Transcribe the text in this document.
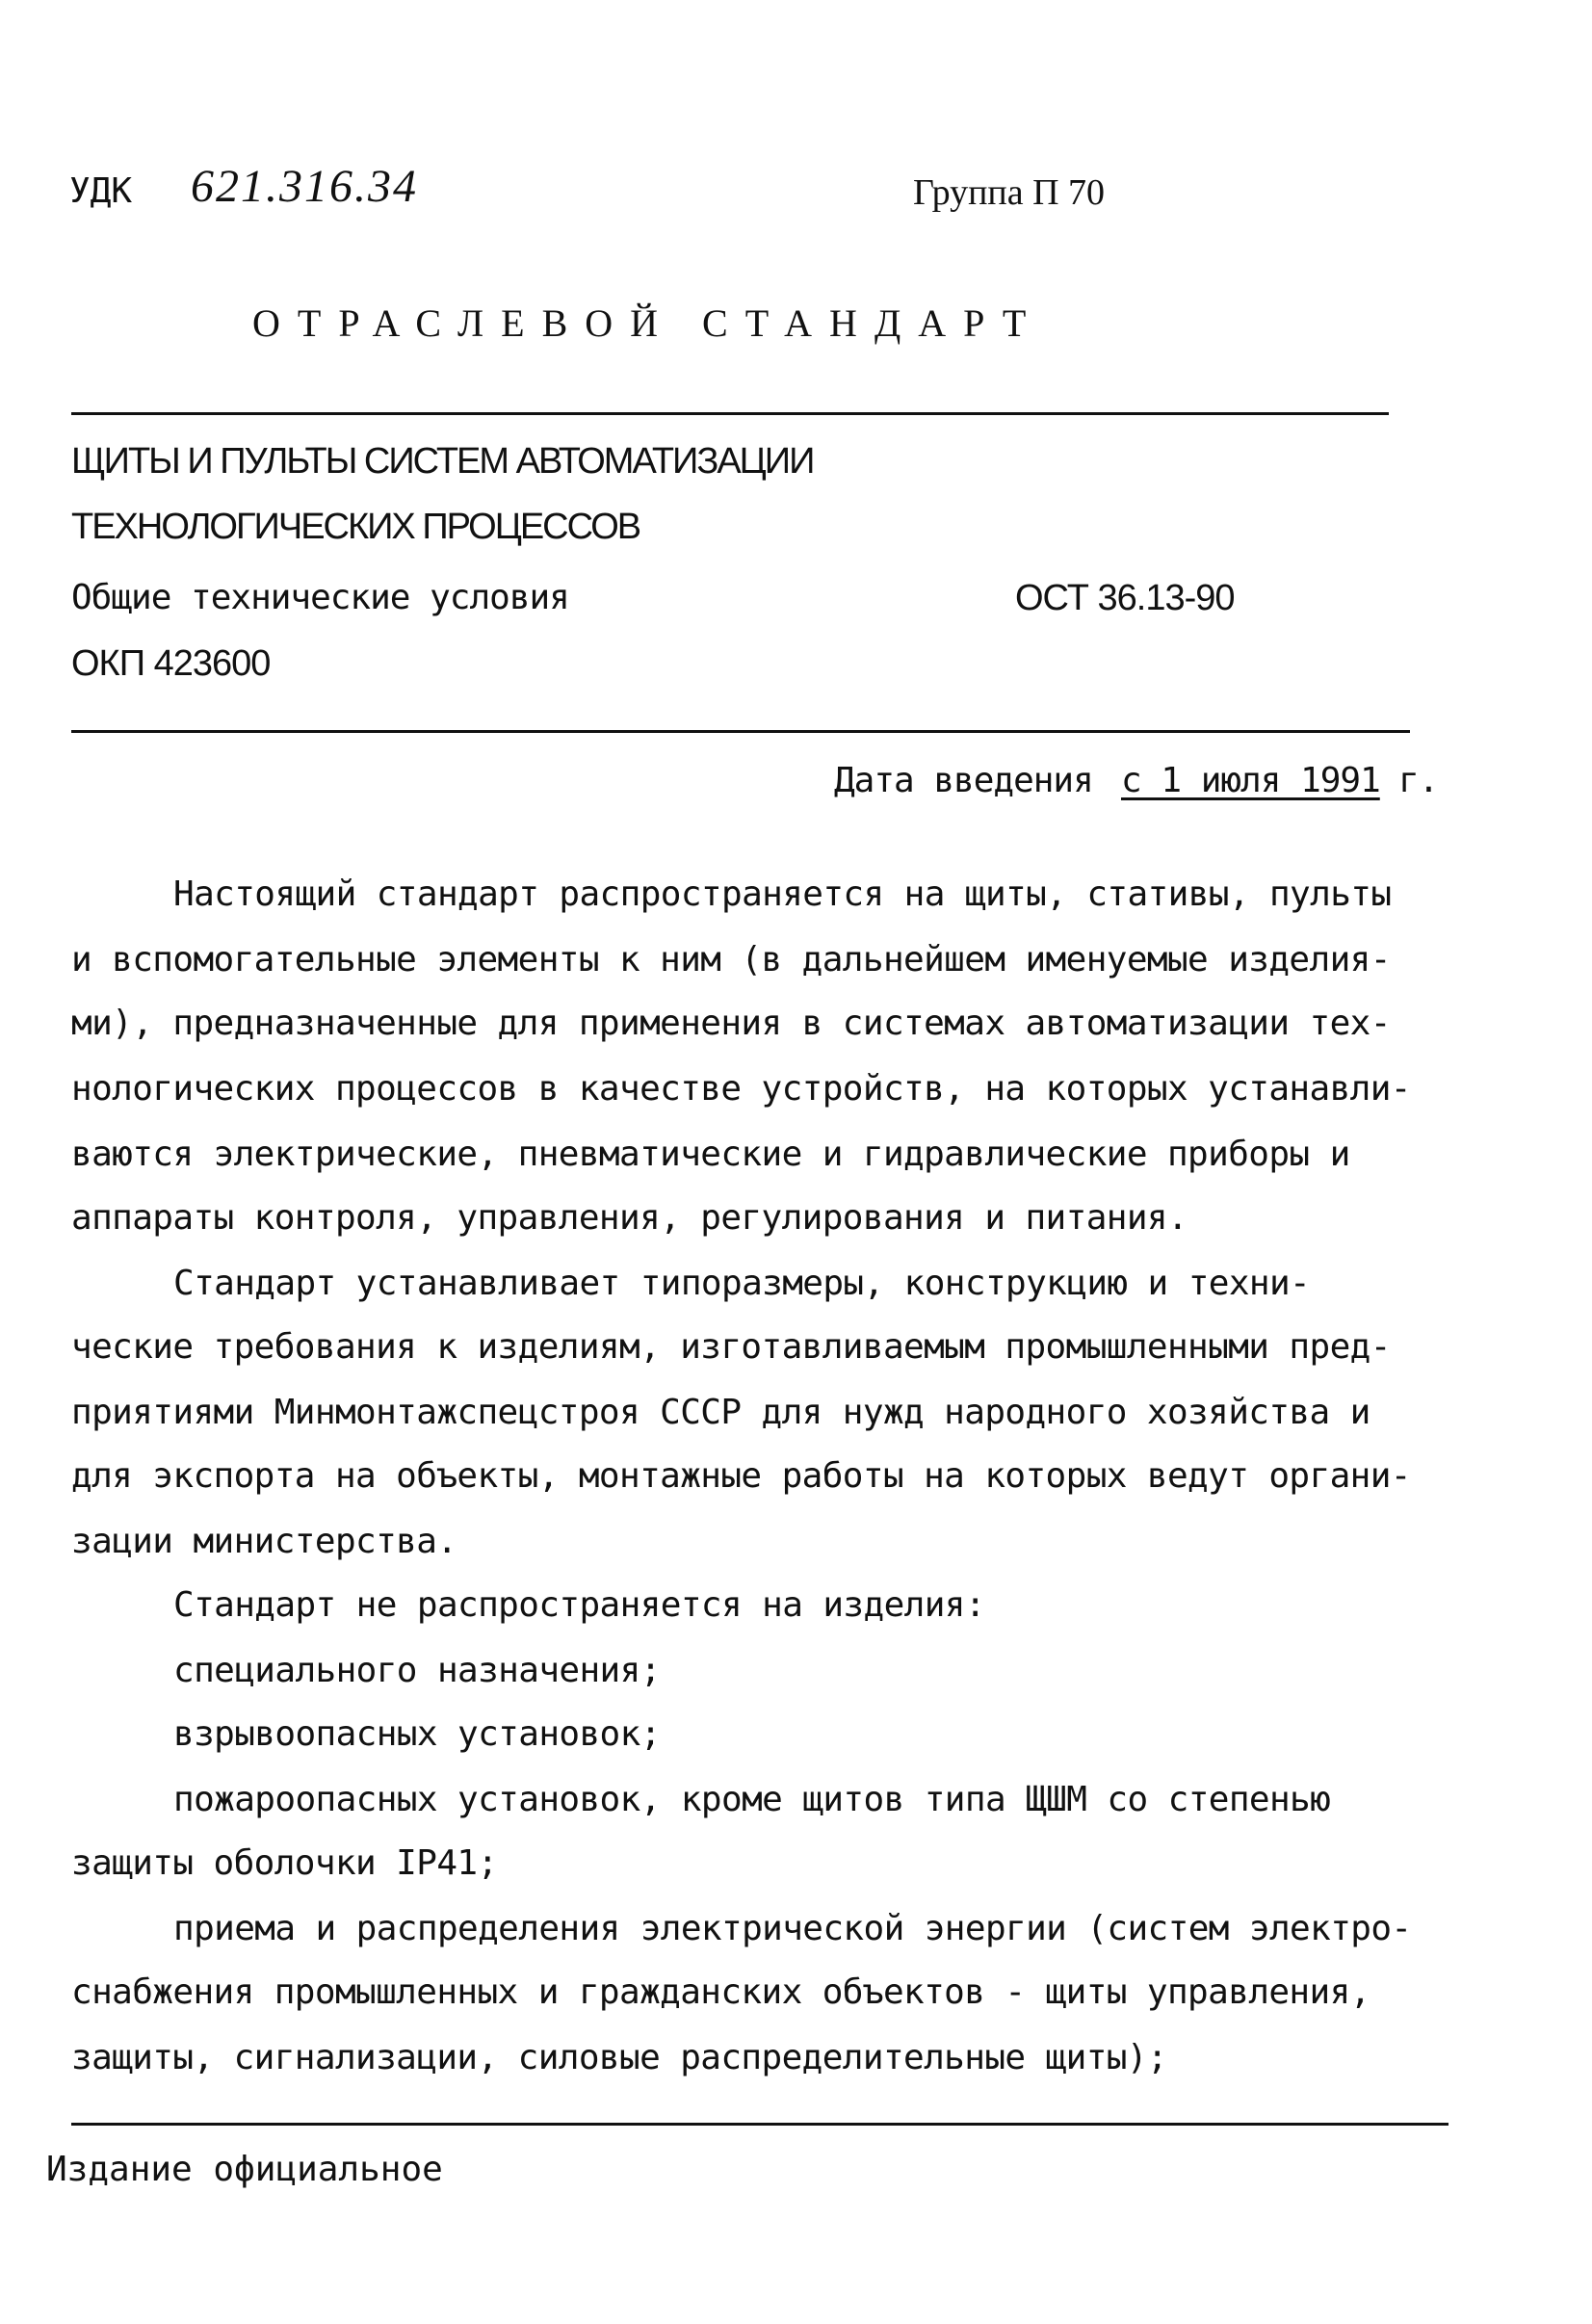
УДК 621.316.34	Группа П 70
ОТРАСЛЕВОЙ СТАНДАРТ
ЩИТЫ И ПУЛЬТЫ СИСТЕМ АВТОМАТИЗАЦИИ
ТЕХНОЛОГИЧЕСКИХ ПРОЦЕССОВ
Общие технические условия	ОСТ 36.13-90
ОКП 423600
Дата введения с 1 июля 1991 г.
Настоящий стандарт распространяется на щиты, стативы, пульты
и вспомогательные элементы к ним (в дальнейшем именуемые изделия-
ми), предназначенные для применения в системах автоматизации тех-
нологических процессов в качестве устройств, на которых устанавли-
ваются электрические, пневматические и гидравлические приборы и
аппараты контроля, управления, регулирования и питания.
Стандарт устанавливает типоразмеры, конструкцию и техни-
ческие требования к изделиям, изготавливаемым промышленными пред-
приятиями Минмонтажспецстроя СССР для нужд народного хозяйства и
для экспорта на объекты, монтажные работы на которых ведут органи-
зации министерства.
Стандарт не распространяется на изделия:
специального назначения;
взрывоопасных установок;
пожароопасных установок, кроме щитов типа ЩШМ со степенью
защиты оболочки IP41;
приема и распределения электрической энергии (систем электро-
снабжения промышленных и гражданских объектов - щиты управления,
защиты, сигнализации, силовые распределительные щиты);
Издание официальное
